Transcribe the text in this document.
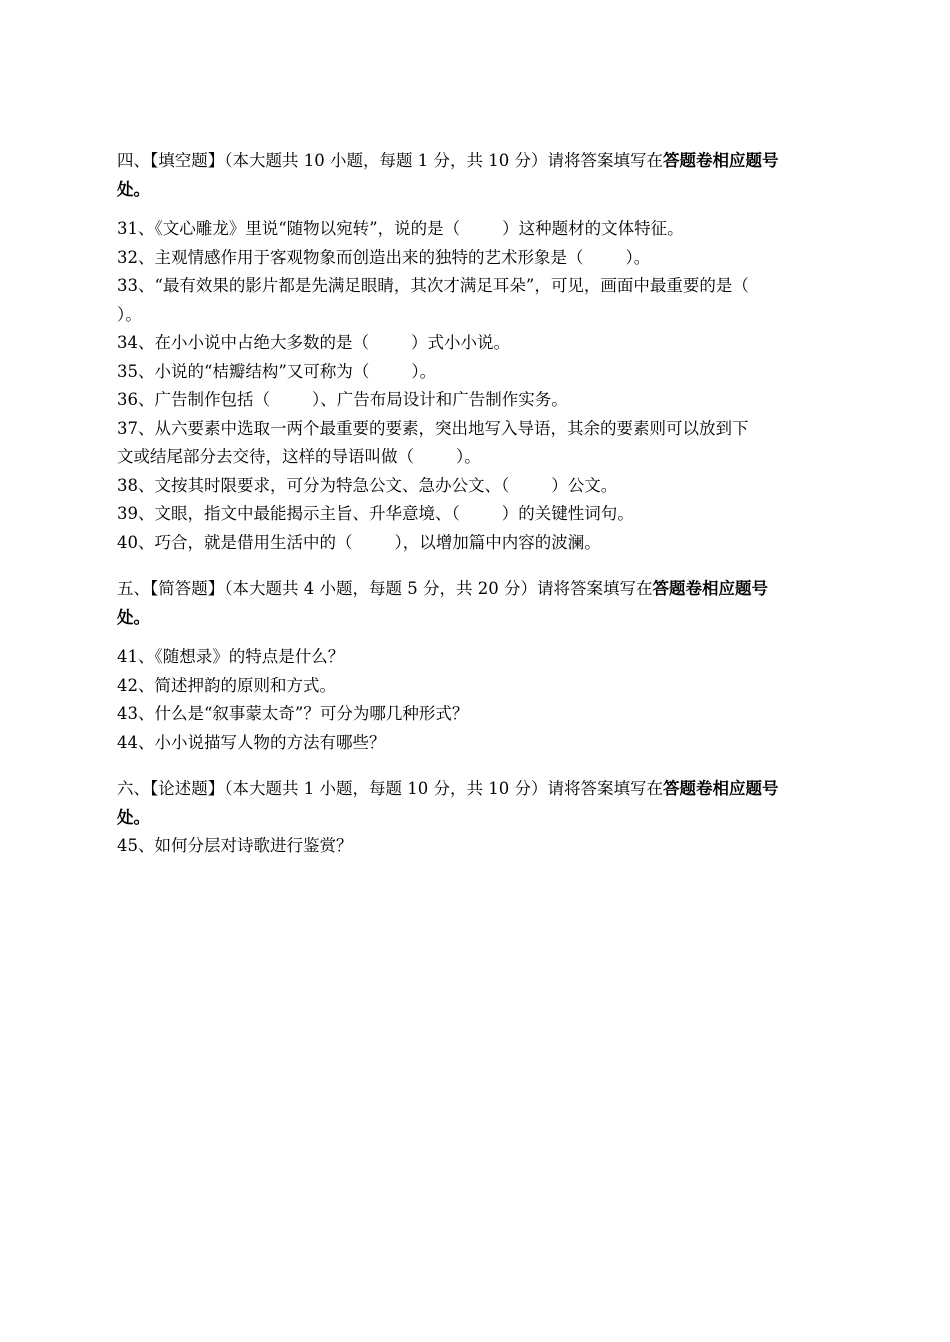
四、【填空题】（本大题共 10 小题，每题 1 分，共 10 分）请将答案填写在答题卷相应题号

处。

31、《文心雕龙》里说“随物以宛转”，说的是（        ）这种题材的文体特征。

32、主观情感作用于客观物象而创造出来的独特的艺术形象是（        ）。

33、“最有效果的影片都是先满足眼睛，其次才满足耳朵”，可见，画面中最重要的是（

）。

34、在小小说中占绝大多数的是（        ）式小小说。

35、小说的“桔瓣结构”又可称为（        ）。

36、广告制作包括（        ）、广告布局设计和广告制作实务。

37、从六要素中选取一两个最重要的要素，突出地写入导语，其余的要素则可以放到下

文或结尾部分去交待，这样的导语叫做（        ）。

38、文按其时限要求，可分为特急公文、急办公文、（        ）公文。

39、文眼，指文中最能揭示主旨、升华意境、（        ）的关键性词句。

40、巧合，就是借用生活中的（        ），以增加篇中内容的波澜。

五、【简答题】（本大题共 4 小题，每题 5 分，共 20 分）请将答案填写在答题卷相应题号

处。

41、《随想录》的特点是什么？

42、简述押韵的原则和方式。

43、什么是“叙事蒙太奇”？可分为哪几种形式？

44、小小说描写人物的方法有哪些？

六、【论述题】（本大题共 1 小题，每题 10 分，共 10 分）请将答案填写在答题卷相应题号

处。

45、如何分层对诗歌进行鉴赏？
